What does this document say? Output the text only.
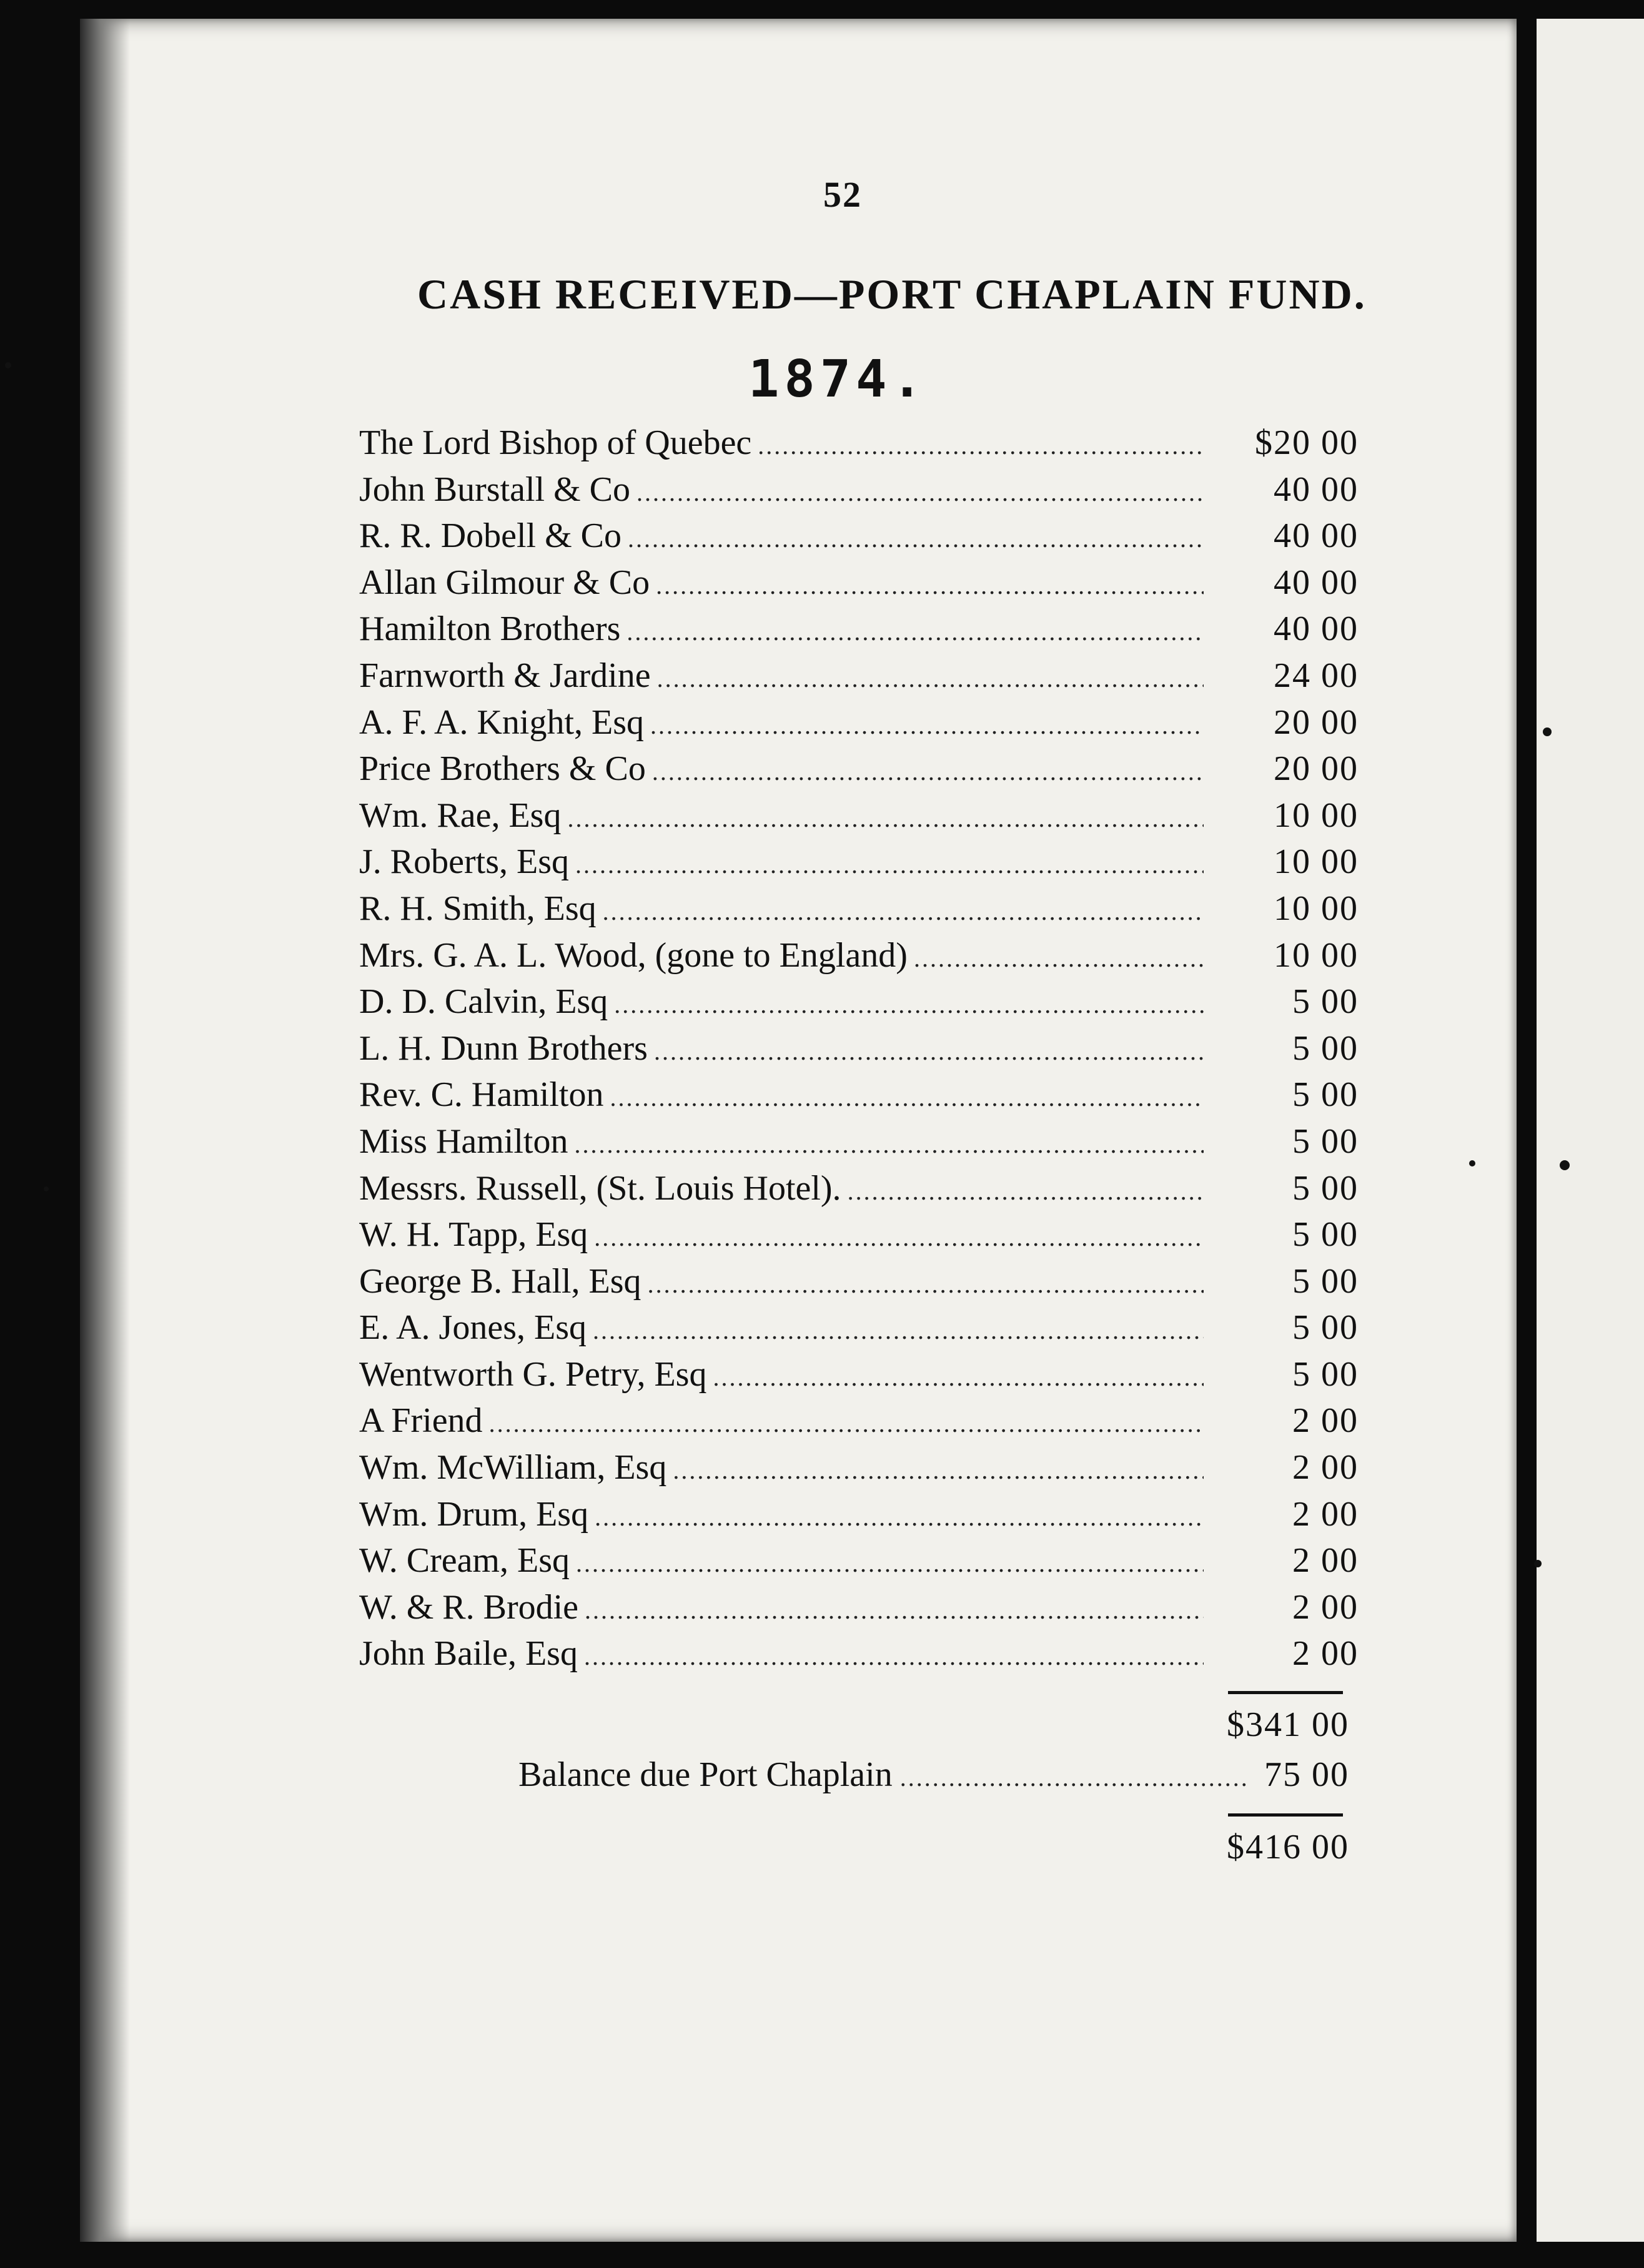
52
CASH RECEIVED—PORT CHAPLAIN FUND.
1874.
The Lord Bishop of Quebec .....	$20 00
John Burstall & Co .....	40 00
R. R. Dobell & Co .....	40 00
Allan Gilmour & Co .....	40 00
Hamilton Brothers .....	40 00
Farnworth & Jardine .....	24 00
A. F. A. Knight, Esq .....	20 00
Price Brothers & Co .....	20 00
Wm. Rae, Esq .....	10 00
J. Roberts, Esq .....	10 00
R. H. Smith, Esq .....	10 00
Mrs. G. A. L. Wood, (gone to England) .....	10 00
D. D. Calvin, Esq .....	5 00
L. H. Dunn Brothers .....	5 00
Rev. C. Hamilton .....	5 00
Miss Hamilton .....	5 00
Messrs. Russell, (St. Louis Hotel). .....	5 00
W. H. Tapp, Esq .....	5 00
George B. Hall, Esq .....	5 00
E. A. Jones, Esq .....	5 00
Wentworth G. Petry, Esq .....	5 00
A Friend .....	2 00
Wm. McWilliam, Esq .....	2 00
Wm. Drum, Esq .....	2 00
W. Cream, Esq .....	2 00
W. & R. Brodie .....	2 00
John Baile, Esq .....	2 00
$341 00
Balance due Port Chaplain .....	75 00
$416 00
